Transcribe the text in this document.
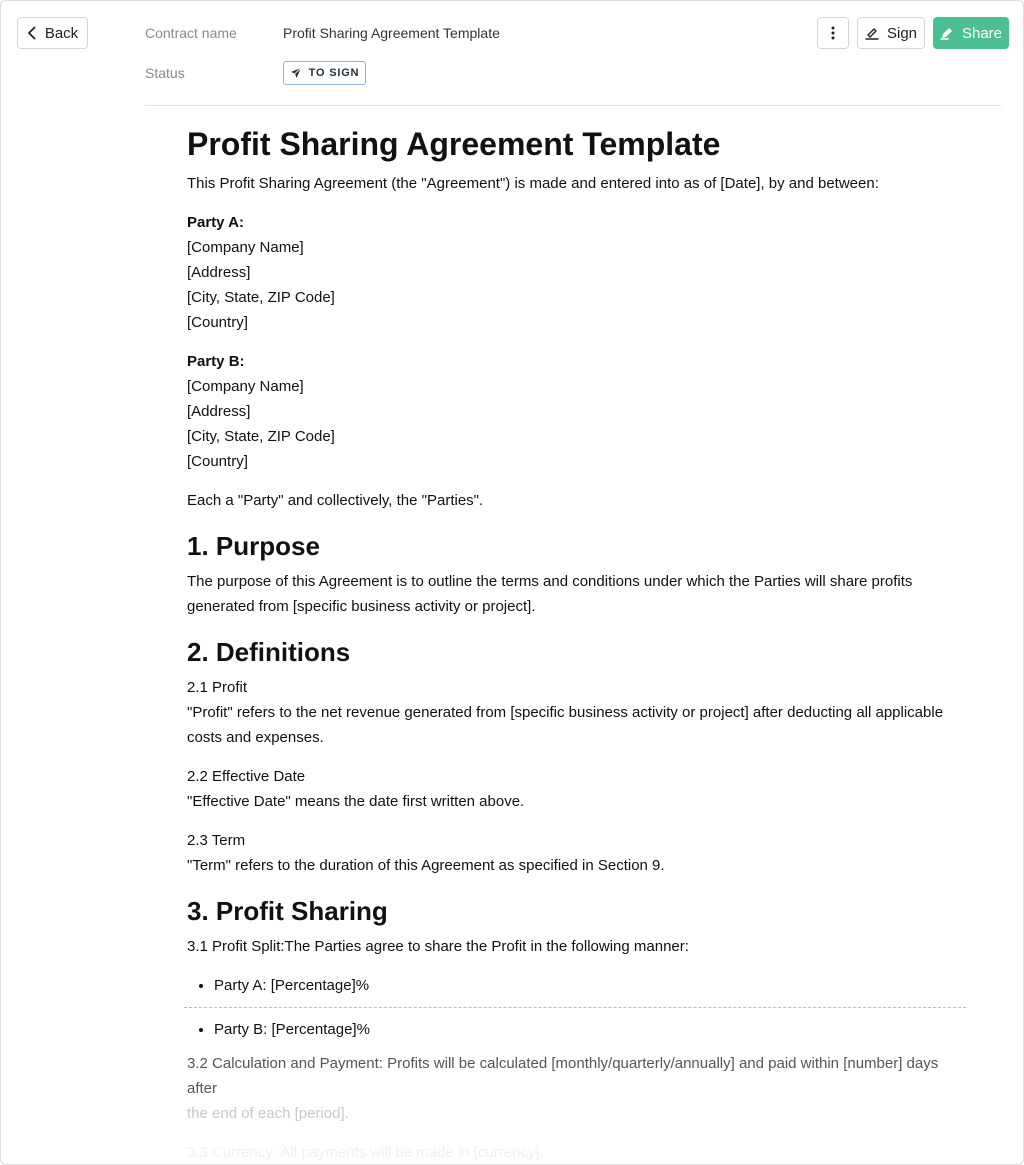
Back	Contract name	Profit Sharing Agreement Template
Status	TO SIGN
Sign	Share
Profit Sharing Agreement Template

This Profit Sharing Agreement (the "Agreement") is made and entered into as of [Date], by and between:

Party A:
[Company Name]
[Address]
[City, State, ZIP Code]
[Country]

Party B:
[Company Name]
[Address]
[City, State, ZIP Code]
[Country]

Each a "Party" and collectively, the "Parties".

1. Purpose

The purpose of this Agreement is to outline the terms and conditions under which the Parties will share profits generated from [specific business activity or project].

2. Definitions

2.1 Profit
"Profit" refers to the net revenue generated from [specific business activity or project] after deducting all applicable costs and expenses.

2.2 Effective Date
"Effective Date" means the date first written above.

2.3 Term
"Term" refers to the duration of this Agreement as specified in Section 9.

3. Profit Sharing

3.1 Profit Split:The Parties agree to share the Profit in the following manner:

• Party A: [Percentage]%
• Party B: [Percentage]%

3.2 Calculation and Payment: Profits will be calculated [monthly/quarterly/annually] and paid within [number] days after
the end of each [period].

3.3 Currency: All payments will be made in [currency].
